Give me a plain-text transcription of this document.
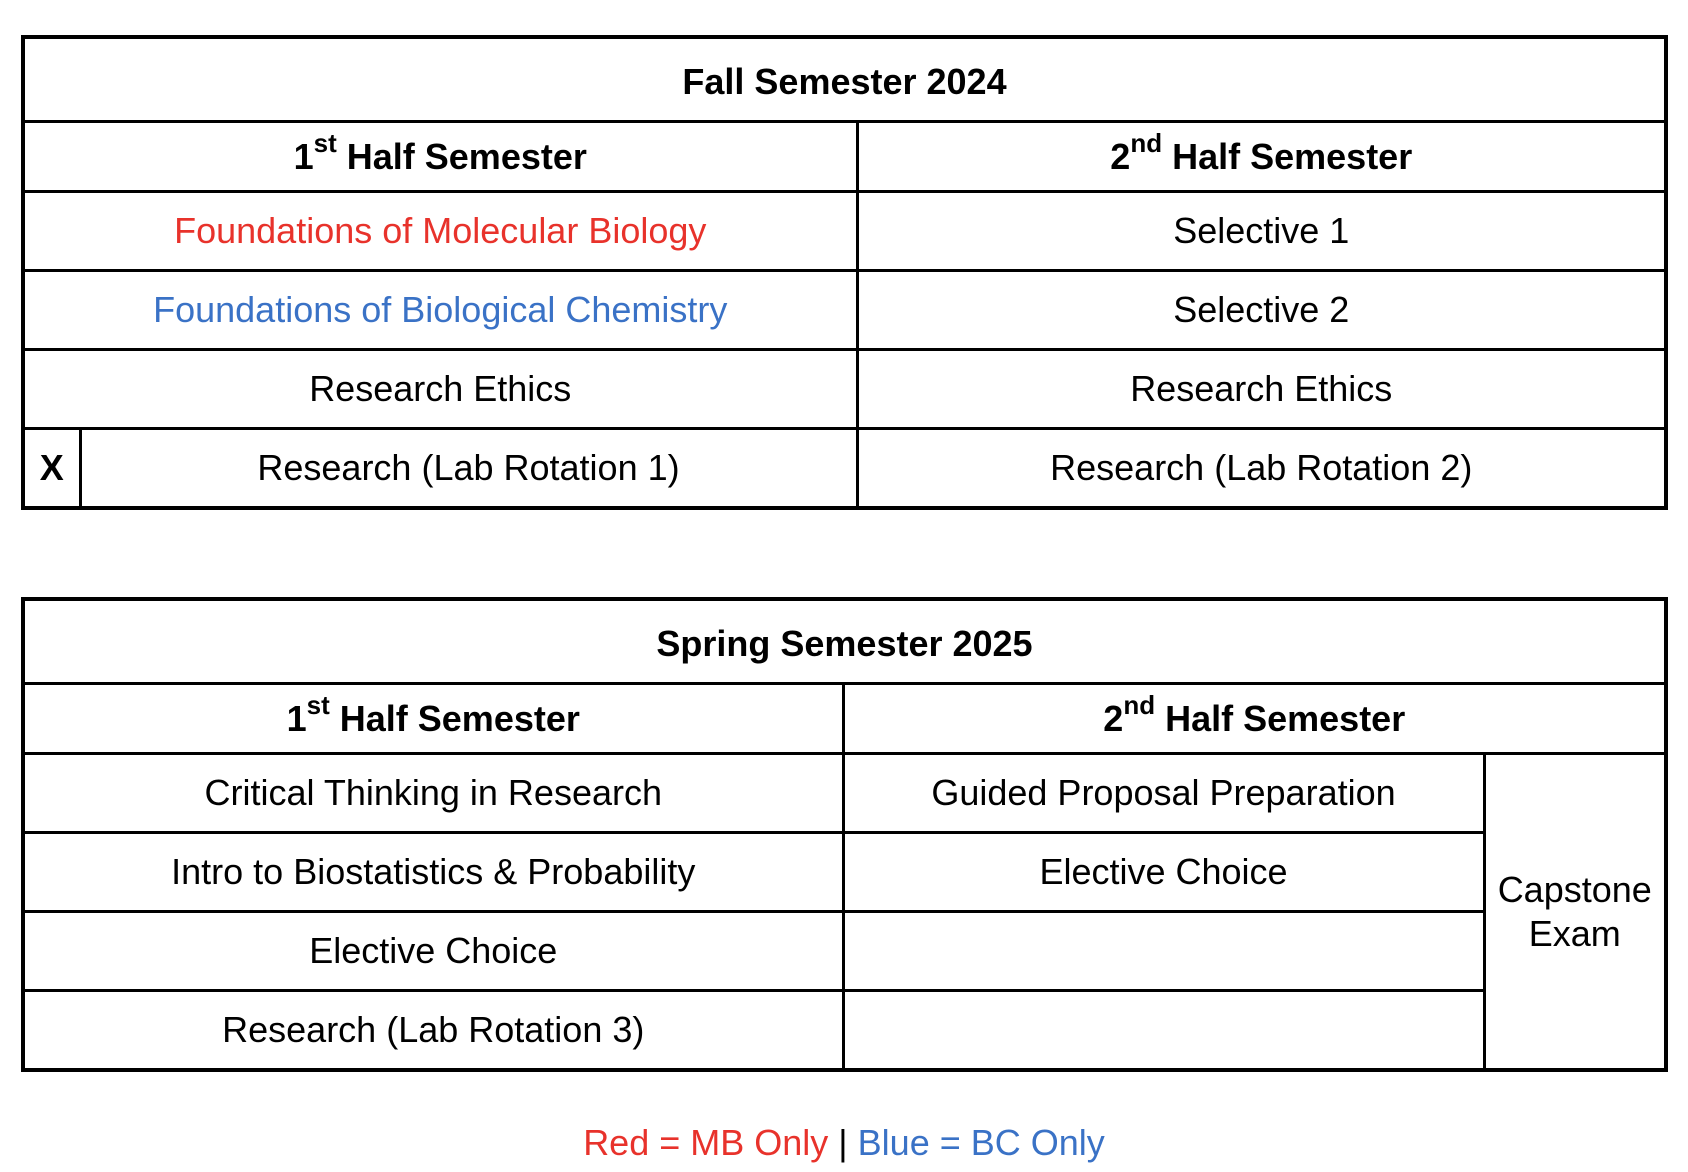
Fall Semester 2024		
1st Half Semester		2nd Half Semester
Foundations of Molecular Biology		Selective 1
Foundations of Biological Chemistry		Selective 2
Research Ethics		Research Ethics
X	Research (Lab Rotation 1)	Research (Lab Rotation 2)
Spring Semester 2025		
1st Half Semester	2nd Half Semester	
Critical Thinking in Research	Guided Proposal Preparation	Capstone Exam
Intro to Biostatistics & Probability	Elective Choice	
Elective Choice		
Research (Lab Rotation 3)		
Red = MB Only | Blue = BC Only
